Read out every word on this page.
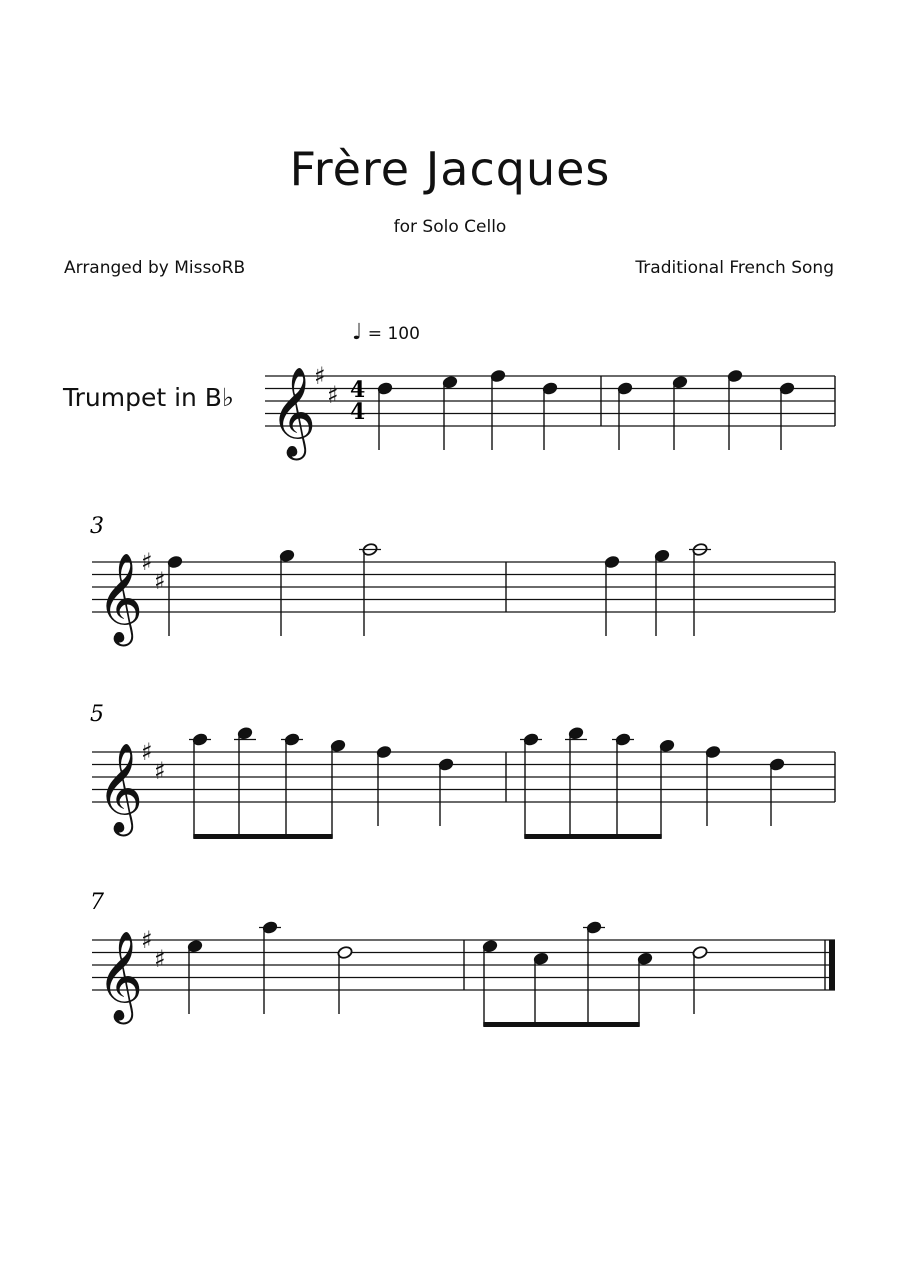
Frère Jacques
for Solo Cello
Arranged by MissoRB	Traditional French Song
♩ = 100
Trumpet in B♭ 𝄞
♯
♯
𝄞
♯
♯
𝄞
♯
♯
𝄞
♯
♯
3
5
7
4
4
